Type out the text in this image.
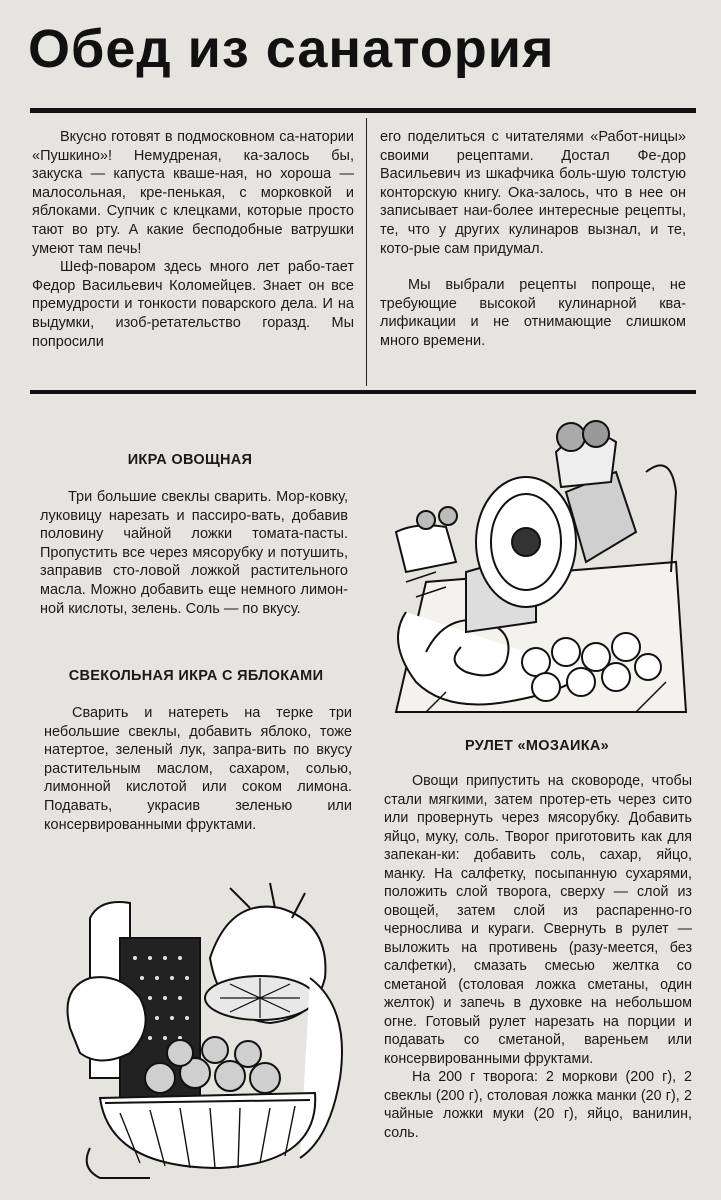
Обед из санатория

Вкусно готовят в подмосковном са-натории «Пушкино»! Немудреная, ка-залось бы, закуска — капуста кваше-ная, но хороша — малосольная, кре-пенькая, с морковкой и яблоками. Супчик с клецками, которые просто тают во рту. А какие бесподобные ватрушки умеют там печь!

Шеф-поваром здесь много лет рабо-тает Федор Васильевич Коломейцев. Знает он все премудрости и тонкости поварского дела. И на выдумки, изоб-ретательство горазд. Мы попросили

его поделиться с читателями «Работ-ницы» своими рецептами. Достал Фе-дор Васильевич из шкафчика боль-шую толстую конторскую книгу. Ока-залось, что в нее он записывает наи-более интересные рецепты, те, что у других кулинаров вызнал, и те, кото-рые сам придумал.

Мы выбрали рецепты попроще, не требующие высокой кулинарной ква-лификации и не отнимающие слишком много времени.

ИКРА ОВОЩНАЯ

Три большие свеклы сварить. Мор-ковку, луковицу нарезать и пассиро-вать, добавив половину чайной ложки томата-пасты. Пропустить все через мясорубку и потушить, заправив сто-ловой ложкой растительного масла. Можно добавить еще немного лимон-ной кислоты, зелень. Соль — по вкусу.

СВЕКОЛЬНАЯ ИКРА С ЯБЛОКАМИ

Сварить и натереть на терке три небольшие свеклы, добавить яблоко, тоже натертое, зеленый лук, запра-вить по вкусу растительным маслом, сахаром, солью, лимонной кислотой или соком лимона. Подавать, украсив зеленью или консервированными фруктами.

РУЛЕТ «МОЗАИКА»

Овощи припустить на сковороде, чтобы стали мягкими, затем протер-еть через сито или провернуть через мясорубку. Добавить яйцо, муку, соль. Творог приготовить как для запекан-ки: добавить соль, сахар, яйцо, манку. На салфетку, посыпанную сухарями, положить слой творога, сверху — слой из овощей, затем слой из распаренно-го чернослива и кураги. Свернуть в рулет — выложить на противень (разу-меется, без салфетки), смазать смесью желтка со сметаной (столовая ложка сметаны, один желток) и запечь в духовке на небольшом огне. Готовый рулет нарезать на порции и подавать со сметаной, вареньем или консервированными фруктами.

На 200 г творога: 2 моркови (200 г), 2 свеклы (200 г), столовая ложка манки (20 г), 2 чайные ложки муки (20 г), яйцо, ванилин, соль.
